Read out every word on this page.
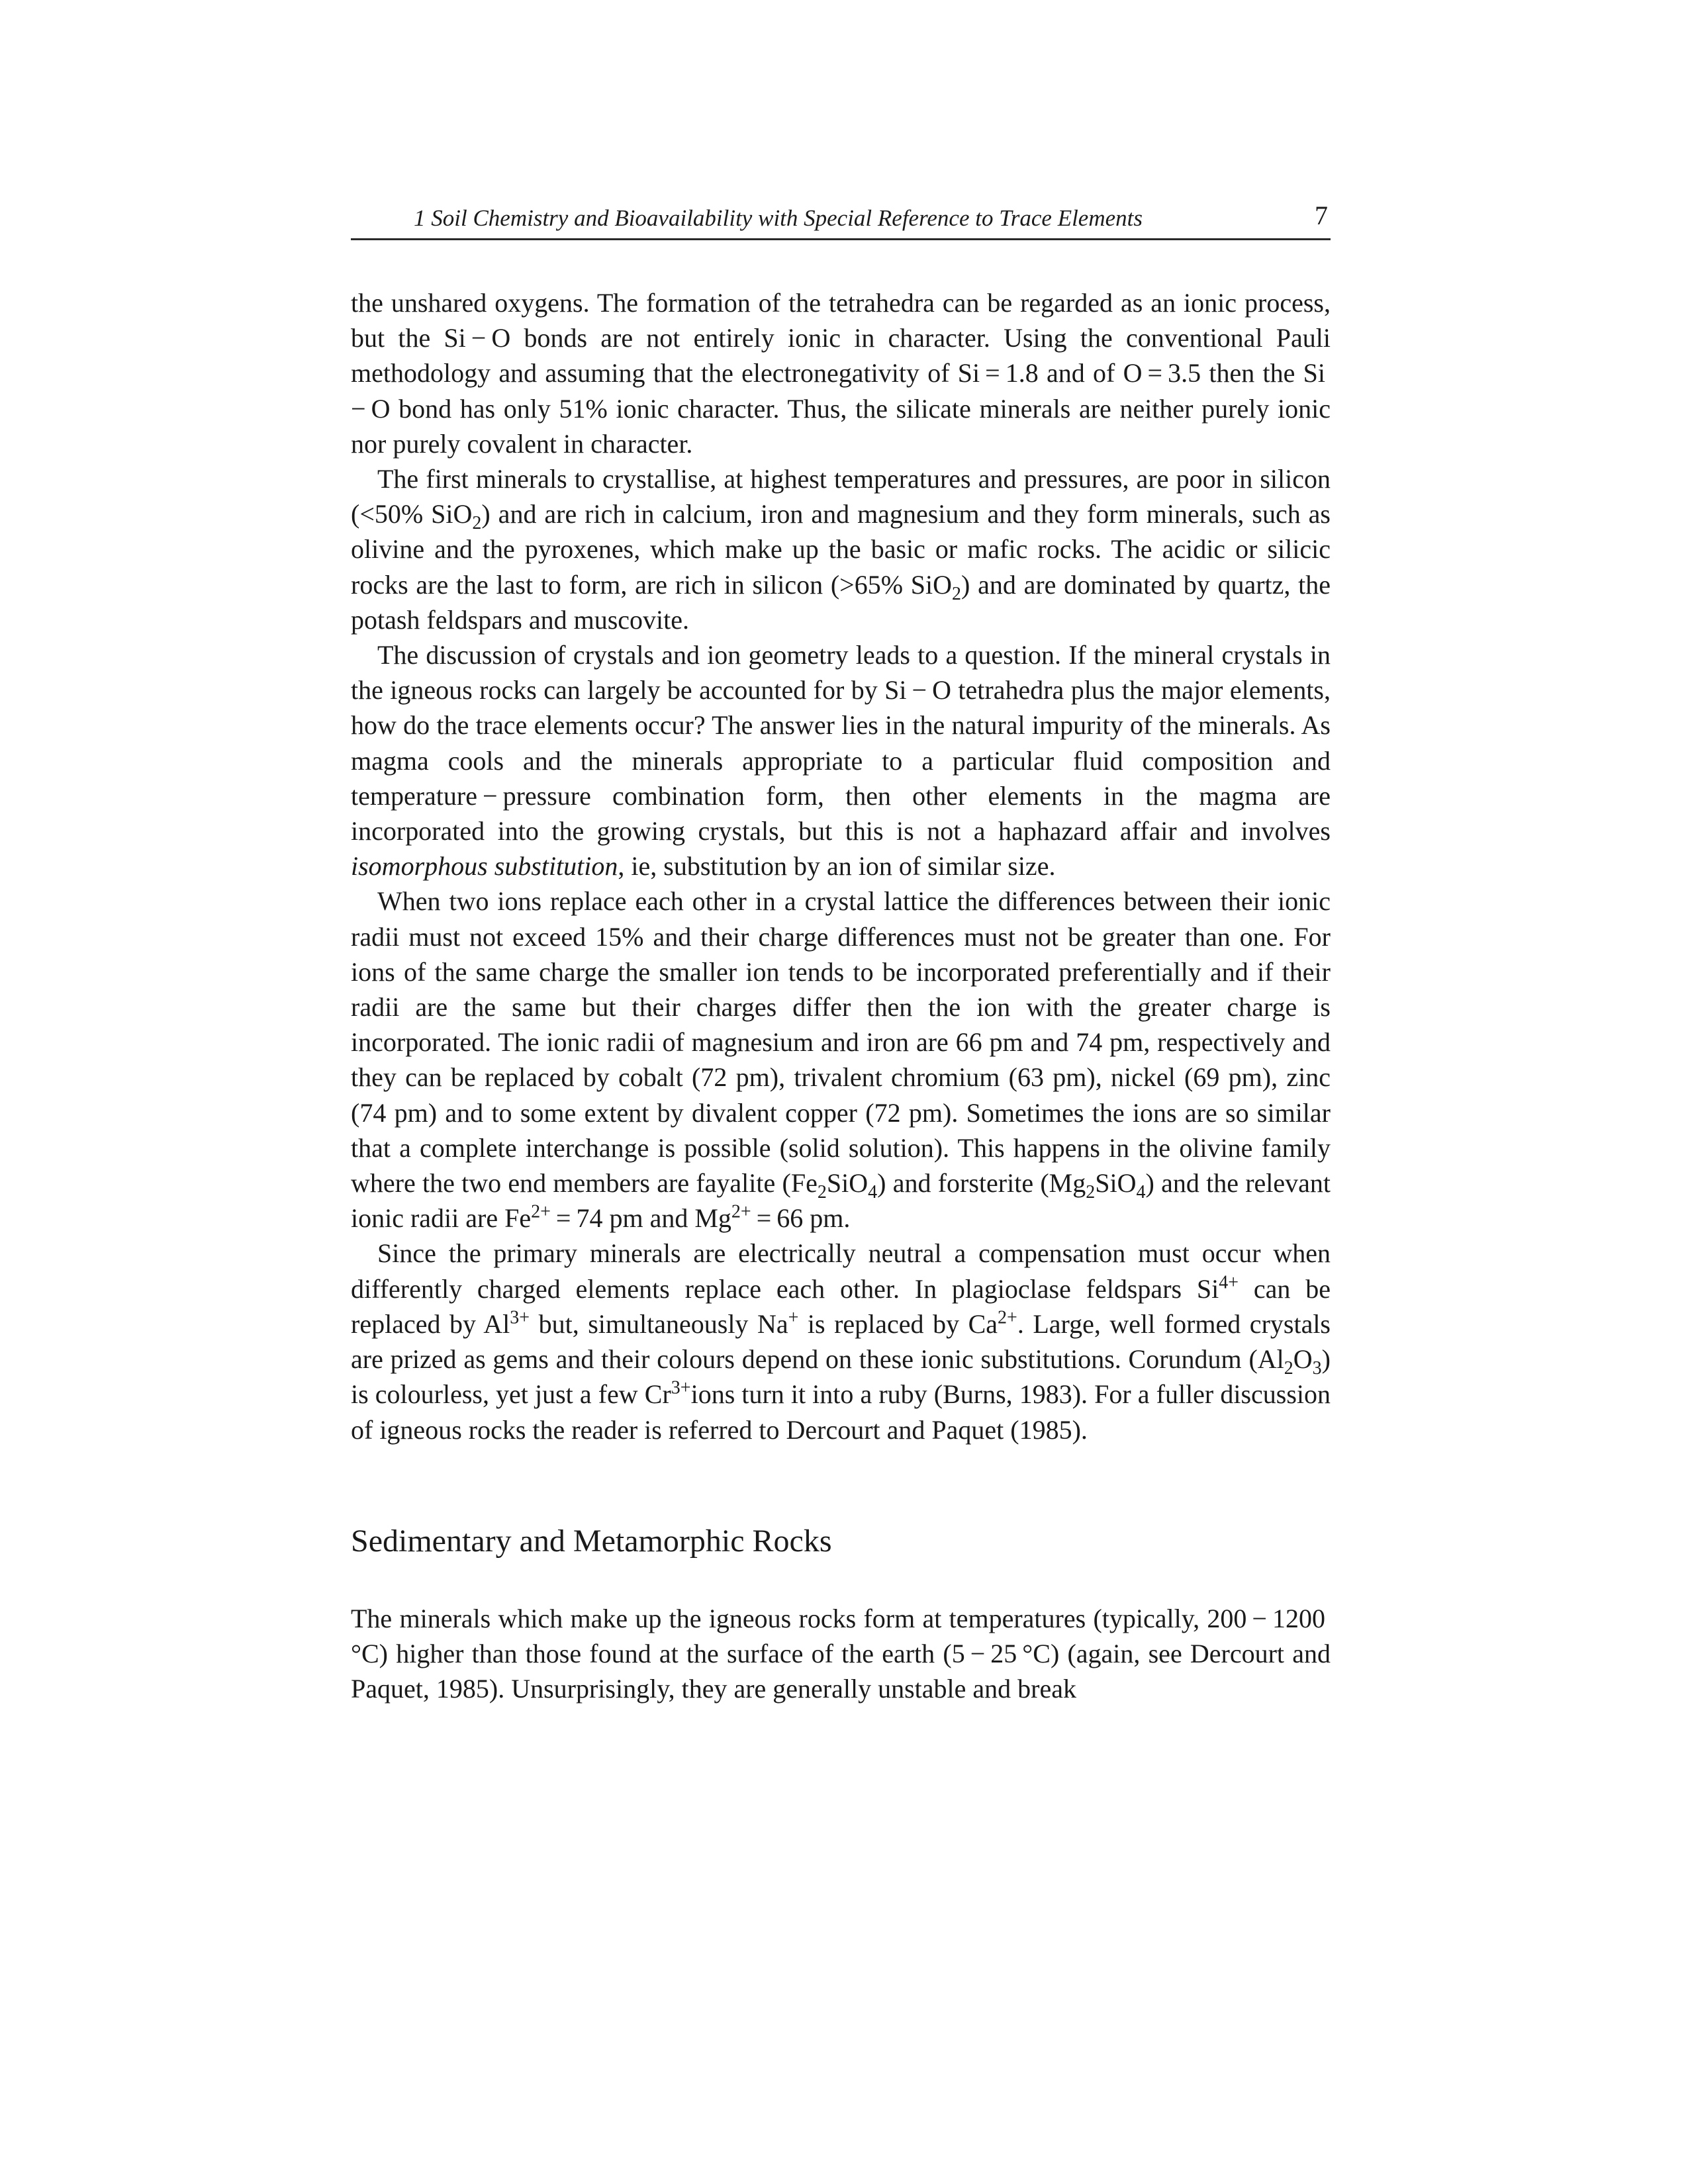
1 Soil Chemistry and Bioavailability with Special Reference to Trace Elements	7

the unshared oxygens. The formation of the tetrahedra can be regarded as an ionic process, but the Si − O bonds are not entirely ionic in character. Using the conventional Pauli methodology and assuming that the electronegativity of Si = 1.8 and of O = 3.5 then the Si − O bond has only 51% ionic character. Thus, the silicate minerals are neither purely ionic nor purely covalent in character.

The first minerals to crystallise, at highest temperatures and pressures, are poor in silicon (<50% SiO$_2$) and are rich in calcium, iron and magnesium and they form minerals, such as olivine and the pyroxenes, which make up the basic or mafic rocks. The acidic or silicic rocks are the last to form, are rich in silicon (>65% SiO$_2$) and are dominated by quartz, the potash feldspars and muscovite.

The discussion of crystals and ion geometry leads to a question. If the mineral crystals in the igneous rocks can largely be accounted for by Si − O tetrahedra plus the major elements, how do the trace elements occur? The answer lies in the natural impurity of the minerals. As magma cools and the minerals appropriate to a particular fluid composition and temperature − pressure combination form, then other elements in the magma are incorporated into the growing crystals, but this is not a haphazard affair and involves isomorphous substitution, ie, substitution by an ion of similar size.

When two ions replace each other in a crystal lattice the differences between their ionic radii must not exceed 15% and their charge differences must not be greater than one. For ions of the same charge the smaller ion tends to be incorporated preferentially and if their radii are the same but their charges differ then the ion with the greater charge is incorporated. The ionic radii of magnesium and iron are 66 pm and 74 pm, respectively and they can be replaced by cobalt (72 pm), trivalent chromium (63 pm), nickel (69 pm), zinc (74 pm) and to some extent by divalent copper (72 pm). Sometimes the ions are so similar that a complete interchange is possible (solid solution). This happens in the olivine family where the two end members are fayalite $(Fe_2SiO_4)$ and forsterite $(Mg_2SiO_4)$ and the relevant ionic radii are $Fe^{2+} = 74$ pm and $Mg^{2+} = 66$ pm.

Since the primary minerals are electrically neutral a compensation must occur when differently charged elements replace each other. In plagioclase feldspars $Si^{4+}$ can be replaced by $Al^{3+}$ but, simultaneously Na+ is replaced by $Ca^{2+}$. Large, well formed crystals are prized as gems and their colours depend on these ionic substitutions. Corundum $(Al_2O_3)$ is colourless, yet just a few $Cr^{3+}ions$ turn it into a ruby (Burns, 1983). For a fuller discussion of igneous rocks the reader is referred to Dercourt and Paquet (1985).

Sedimentary and Metamorphic Rocks

The minerals which make up the igneous rocks form at temperatures (typically, 200 − 1200 °C) higher than those found at the surface of the earth (5 − 25 °C) (again, see Dercourt and Paquet, 1985). Unsurprisingly, they are generally unstable and break
